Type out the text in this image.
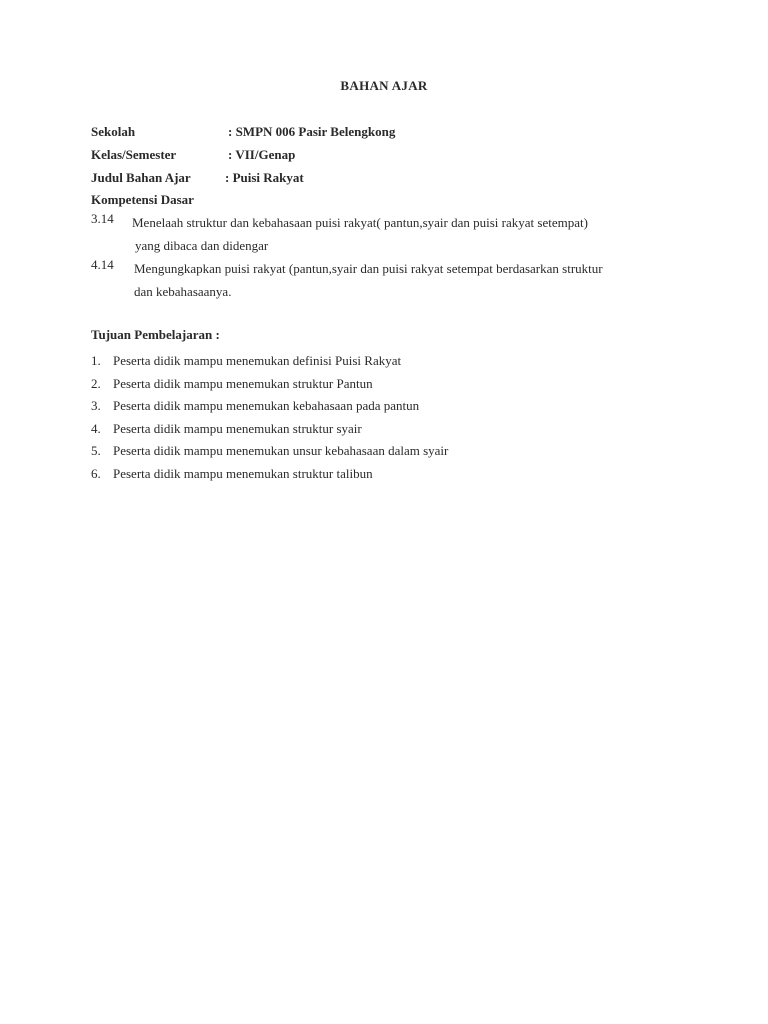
BAHAN AJAR
Sekolah	: SMPN 006 Pasir Belengkong
Kelas/Semester	: VII/Genap
Judul Bahan Ajar	: Puisi Rakyat
Kompetensi Dasar
3.14 Menelaah struktur dan kebahasaan puisi rakyat( pantun,syair dan puisi rakyat setempat)
yang dibaca dan didengar
4.14 Mengungkapkan puisi rakyat (pantun,syair dan puisi rakyat setempat berdasarkan struktur
dan kebahasaanya.
Tujuan Pembelajaran :
1. Peserta didik mampu menemukan definisi Puisi Rakyat
2. Peserta didik mampu menemukan struktur Pantun
3. Peserta didik mampu menemukan kebahasaan pada pantun
4. Peserta didik mampu menemukan struktur syair
5. Peserta didik mampu menemukan unsur kebahasaan dalam syair
6. Peserta didik mampu menemukan struktur talibun
